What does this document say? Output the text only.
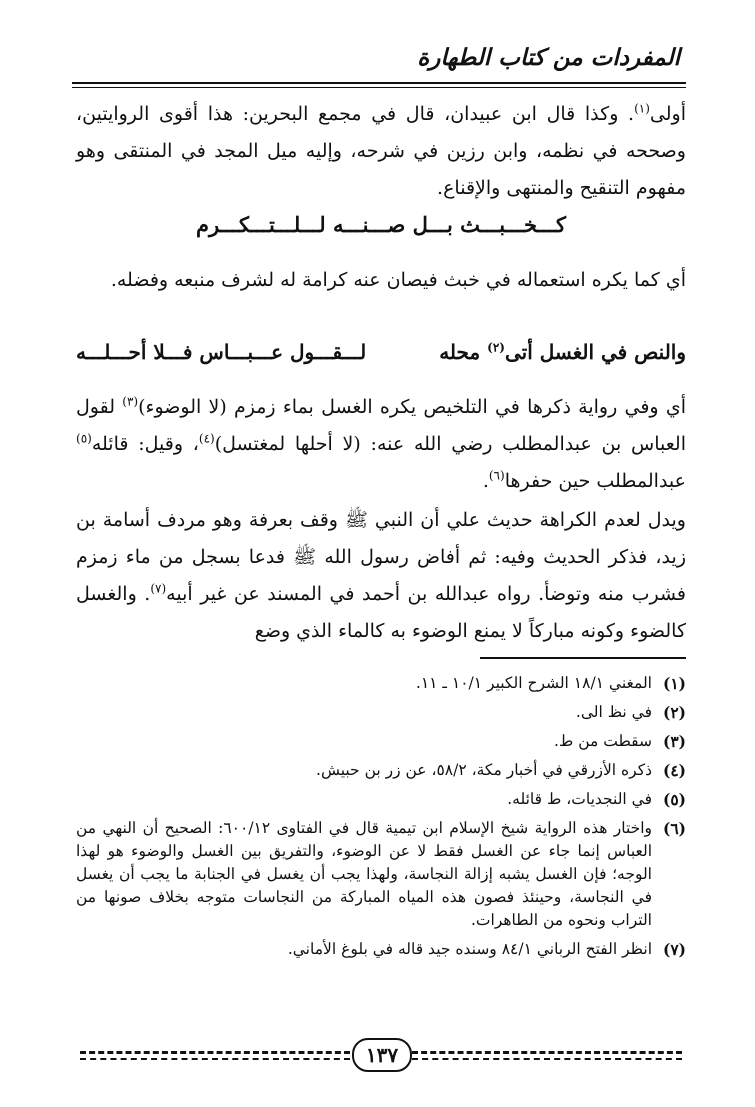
المفردات من كتاب الطهارة
أولى$^{(١)}$. وكذا قال ابن عبيدان، قال في مجمع البحرين: هذا أقوى الروايتين، وصححه في نظمه، وابن رزين في شرحه، وإليه ميل المجد في المنتقى وهو مفهوم التنقيح والمنتهى والإقناع.
كـــخـــبـــث بـــل صـــنـــه لـــلـــتـــكـــرم
أي كما يكره استعماله في خبث فيصان عنه كرامة له لشرف منبعه وفضله.
والنص في الغسل أتى$^{(٢)}$ محله
لـــقـــول عـــبـــاس فـــلا أحـــلـــه
أي وفي رواية ذكرها في التلخيص يكره الغسل بماء زمزم (لا الوضوء)$^{(٣)}$ لقول العباس بن عبدالمطلب رضي الله عنه: (لا أحلها لمغتسل)$^{(٤)}$، وقيل: قائله$^{(٥)}$ عبدالمطلب حين حفرها$^{(٦)}$.
ويدل لعدم الكراهة حديث علي أن النبي ﷺ وقف بعرفة وهو مردف أسامة بن زيد، فذكر الحديث وفيه: ثم أفاض رسول الله ﷺ فدعا بسجل من ماء زمزم فشرب منه وتوضأ. رواه عبدالله بن أحمد في المسند عن غير أبيه$^{(٧)}$. والغسل كالضوء وكونه مباركاً لا يمنع الوضوء به كالماء الذي وضع
(١)
المغني ١٨/١ الشرح الكبير ١٠/١ ـ ١١.
(٢)
في نظ الى.
(٣)
سقطت من ط.
(٤)
ذكره الأزرقي في أخبار مكة، ٥٨/٢، عن زر بن حبيش.
(٥)
في النجديات، ط قائله.
(٦)
واختار هذه الرواية شيخ الإسلام ابن تيمية قال في الفتاوى ٦٠٠/١٢: الصحيح أن النهي من العباس إنما جاء عن الغسل فقط لا عن الوضوء، والتفريق بين الغسل والوضوء هو لهذا الوجه؛ فإن الغسل يشبه إزالة النجاسة، ولهذا يجب أن يغسل في الجنابة ما يجب أن يغسل في النجاسة، وحينئذ فصون هذه المياه المباركة من النجاسات متوجه بخلاف صونها من التراب ونحوه من الطاهرات.
(٧)
انظر الفتح الرباني ٨٤/١ وسنده جيد قاله في بلوغ الأماني.
١٣٧
